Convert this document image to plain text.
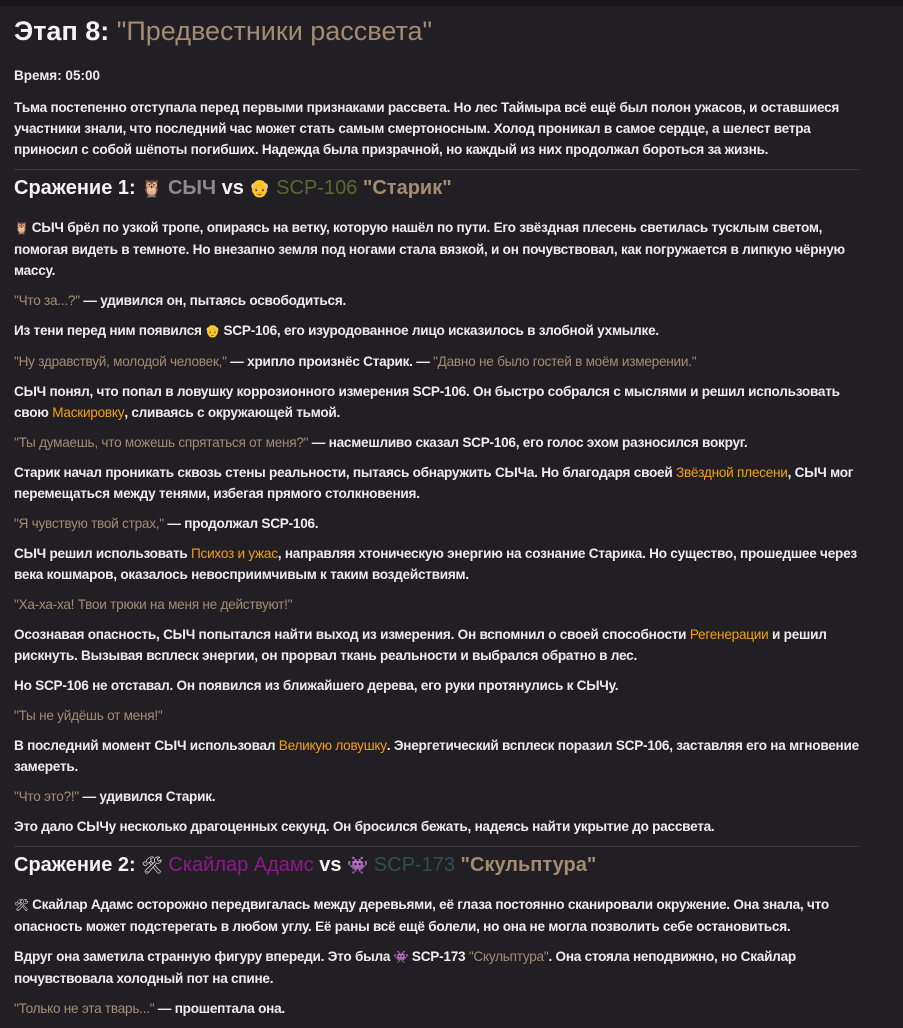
Этап 8: "Предвестники рассвета"
Время: 05:00

Тьма постепенно отступала перед первыми признаками рассвета. Но лес Таймыра всё ещё был полон ужасов, и оставшиеся участники знали, что последний час может стать самым смертоносным. Холод проникал в самое сердце, а шелест ветра приносил с собой шёпоты погибших. Надежда была призрачной, но каждый из них продолжал бороться за жизнь.

Сражение 1: 🦉 СЫЧ vs 👴 SCP-106 "Старик"

🦉 СЫЧ брёл по узкой тропе, опираясь на ветку, которую нашёл по пути. Его звёздная плесень светилась тусклым светом, помогая видеть в темноте. Но внезапно земля под ногами стала вязкой, и он почувствовал, как погружается в липкую чёрную массу.

"Что за...?" — удивился он, пытаясь освободиться.

Из тени перед ним появился 👴 SCP-106, его изуродованное лицо исказилось в злобной ухмылке.

"Ну здравствуй, молодой человек," — хрипло произнёс Старик. — "Давно не было гостей в моём измерении."

СЫЧ понял, что попал в ловушку коррозионного измерения SCP-106. Он быстро собрался с мыслями и решил использовать свою Маскировку, сливаясь с окружающей тьмой.

"Ты думаешь, что можешь спрятаться от меня?" — насмешливо сказал SCP-106, его голос эхом разносился вокруг.

Старик начал проникать сквозь стены реальности, пытаясь обнаружить СЫЧа. Но благодаря своей Звёздной плесени, СЫЧ мог перемещаться между тенями, избегая прямого столкновения.

"Я чувствую твой страх," — продолжал SCP-106.

СЫЧ решил использовать Психоз и ужас, направляя хтоническую энергию на сознание Старика. Но существо, прошедшее через века кошмаров, оказалось невосприимчивым к таким воздействиям.

"Ха-ха-ха! Твои трюки на меня не действуют!"

Осознавая опасность, СЫЧ попытался найти выход из измерения. Он вспомнил о своей способности Регенерации и решил рискнуть. Вызывая всплеск энергии, он прорвал ткань реальности и выбрался обратно в лес.

Но SCP-106 не отставал. Он появился из ближайшего дерева, его руки протянулись к СЫЧу.

"Ты не уйдёшь от меня!"

В последний момент СЫЧ использовал Великую ловушку. Энергетический всплеск поразил SCP-106, заставляя его на мгновение замереть.

"Что это?!" — удивился Старик.

Это дало СЫЧу несколько драгоценных секунд. Он бросился бежать, надеясь найти укрытие до рассвета.

Сражение 2: 🛠 Скайлар Адамс vs 👾 SCP-173 "Скульптура"

🛠 Скайлар Адамс осторожно передвигалась между деревьями, её глаза постоянно сканировали окружение. Она знала, что опасность может подстерегать в любом углу. Её раны всё ещё болели, но она не могла позволить себе остановиться.

Вдруг она заметила странную фигуру впереди. Это была 👾 SCP-173 "Скульптура". Она стояла неподвижно, но Скайлар почувствовала холодный пот на спине.

"Только не эта тварь..." — прошептала она.
